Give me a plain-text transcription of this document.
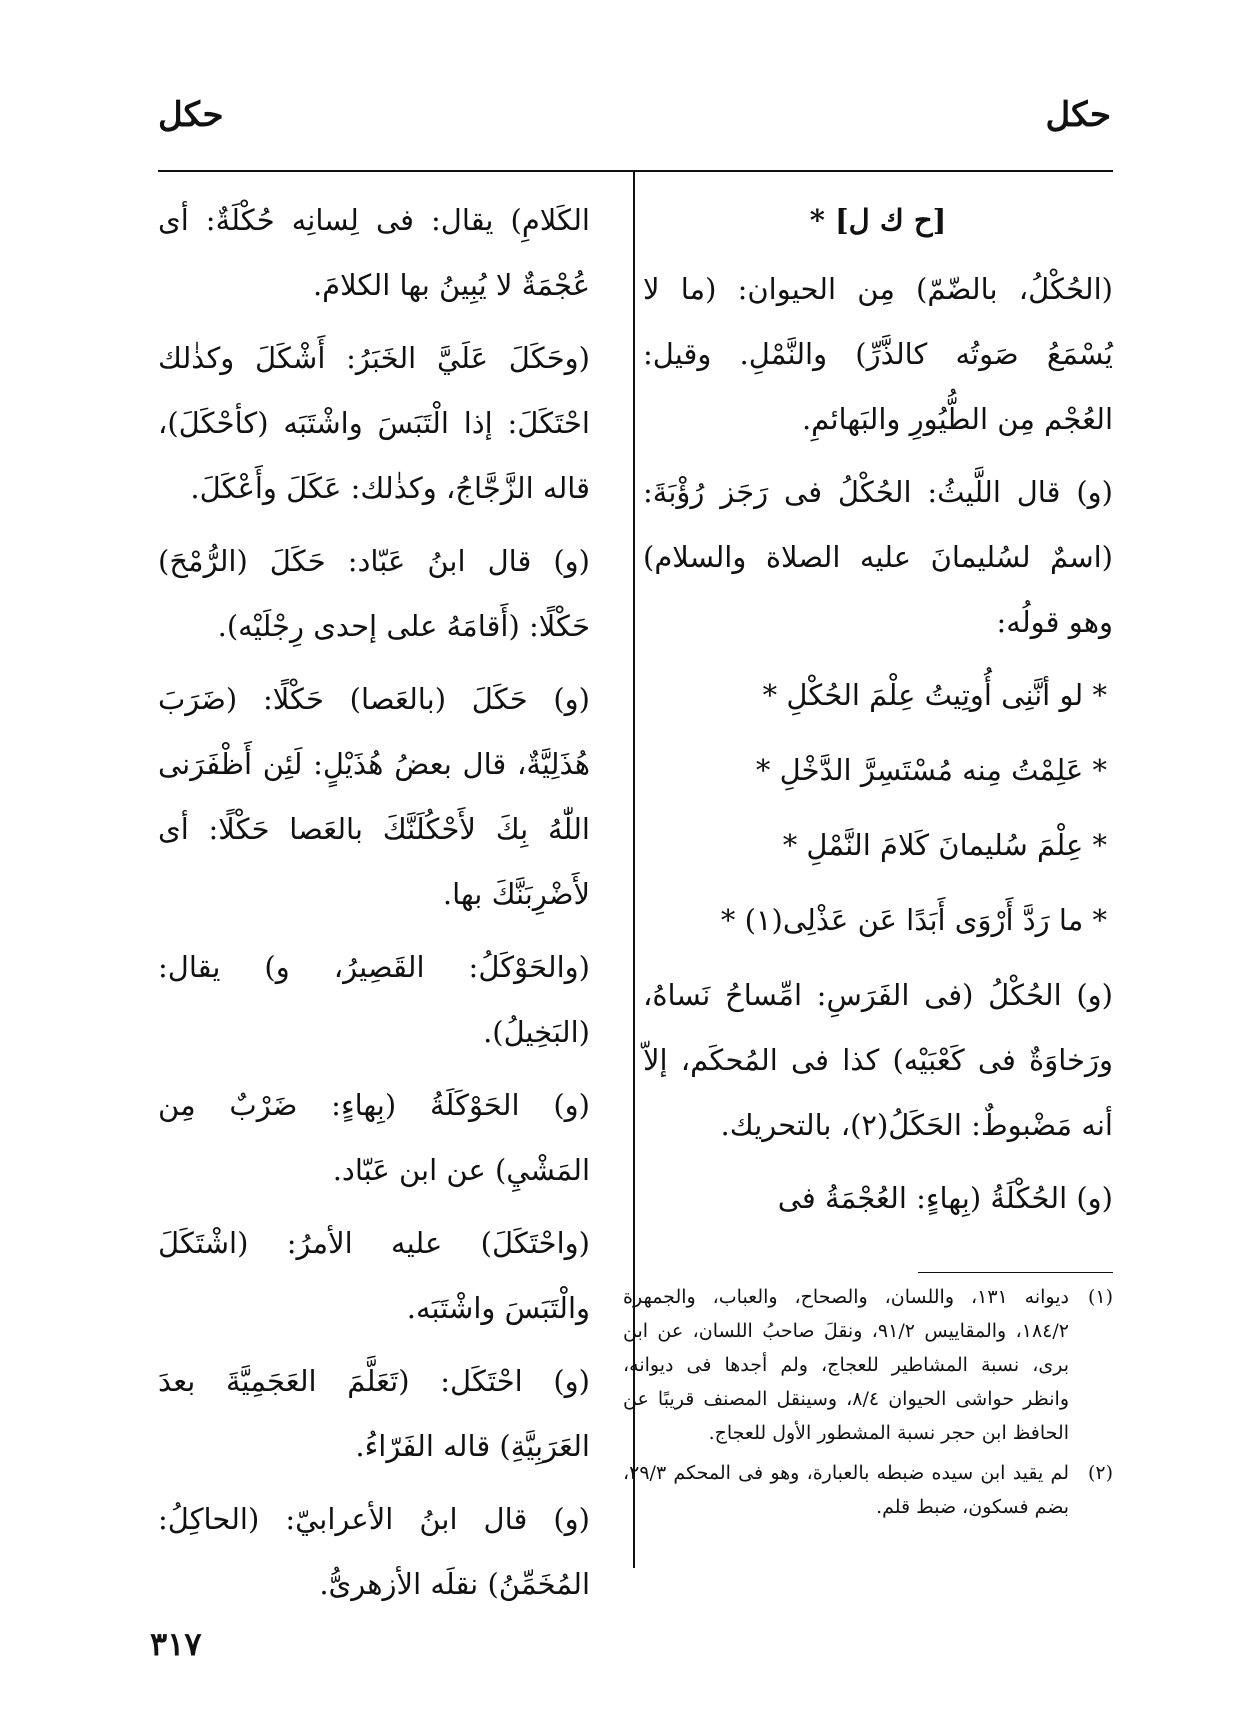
حكل
حكل

[ح ك ل] *

(الحُكْلُ، بالضّمّ) مِن الحيوان: (ما لا يُسْمَعُ صَوتُه كالذَّرِّ) والنَّمْلِ. وقيل: العُجْم مِن الطُّيُورِ والبَهائمِ.

(و) قال اللَّيثُ: الحُكْلُ فى رَجَز رُؤْبَةَ: (اسمٌ لسُليمانَ عليه الصلاة والسلام) وهو قولُه:

* لو أنَّنِى أُوتِيتُ عِلْمَ الحُكْلِ *

* عَلِمْتُ مِنه مُسْتَسِرَّ الدَّخْلِ *

* عِلْمَ سُليمانَ كَلامَ النَّمْلِ *

* ما رَدَّ أَرْوَى أَبَدًا عَن عَذْلِى(١) *

(و) الحُكْلُ (فى الفَرَسِ: امِّساحُ نَساهُ، ورَخاوَةٌ فى كَعْبَيْه) كذا فى المُحكَم، إلاّ أنه مَضْبوطٌ: الحَكَلُ(٢)، بالتحريك.

(و) الحُكْلَةُ (بِهاءٍ: العُجْمَةُ فى

الكَلامِ) يقال: فى لِسانِه حُكْلَةٌ: أى عُجْمَةٌ لا يُبِينُ بها الكلامَ.

(وحَكَلَ عَلَيَّ الخَبَرُ: أَشْكَلَ وكذٰلك احْتَكَلَ: إذا الْتَبَسَ واشْتَبَه (كأحْكَلَ)، قاله الزَّجَّاجُ، وكذٰلك: عَكَلَ وأَعْكَلَ.

(و) قال ابنُ عَبّاد: حَكَلَ (الرُّمْحَ) حَكْلًا: (أَقامَهُ على إحدى رِجْلَيْه).

(و) حَكَلَ (بالعَصا) حَكْلًا: (ضَرَبَ هُذَلِيَّةٌ، قال بعضُ هُذَيْلٍ: لَئِن أَظْفَرَنى اللّٰهُ بِكَ لأَحْكُلَنَّكَ بالعَصا حَكْلًا: أى لأَضْرِبَنَّكَ بها.

(والحَوْكَلُ: القَصِيرُ، و) يقال: (البَخِيلُ).

(و) الحَوْكَلَةُ (بِهاءٍ: ضَرْبٌ مِن المَشْيِ) عن ابن عَبّاد.

(واحْتَكَلَ) عليه الأمرُ: (اشْتَكَلَ والْتَبَسَ واشْتَبَه.

(و) احْتَكَل: (تَعَلَّمَ العَجَمِيَّةَ بعدَ العَرَبِيَّةِ) قاله الفَرّاءُ.

(و) قال ابنُ الأعرابيّ: (الحاكِلُ: المُخَمِّنُ) نقلَه الأزهرىُّ.

(١)
ديوانه ١٣١، واللسان، والصحاح، والعباب، والجمهرة ١٨٤/٢، والمقاييس ٩١/٢، ونقلَ صاحبُ اللسان، عن ابن برى، نسبة المشاطير للعجاج، ولم أجدها فى ديوانه، وانظر حواشى الحيوان ٨/٤، وسينقل المصنف قريبًا عن الحافظ ابن حجر نسبة المشطور الأول للعجاج.
(٢)
لم يقيد ابن سيده ضبطه بالعبارة، وهو فى المحكم ٢٩/٣، بضم فسكون، ضبط قلم.
٣١٧
